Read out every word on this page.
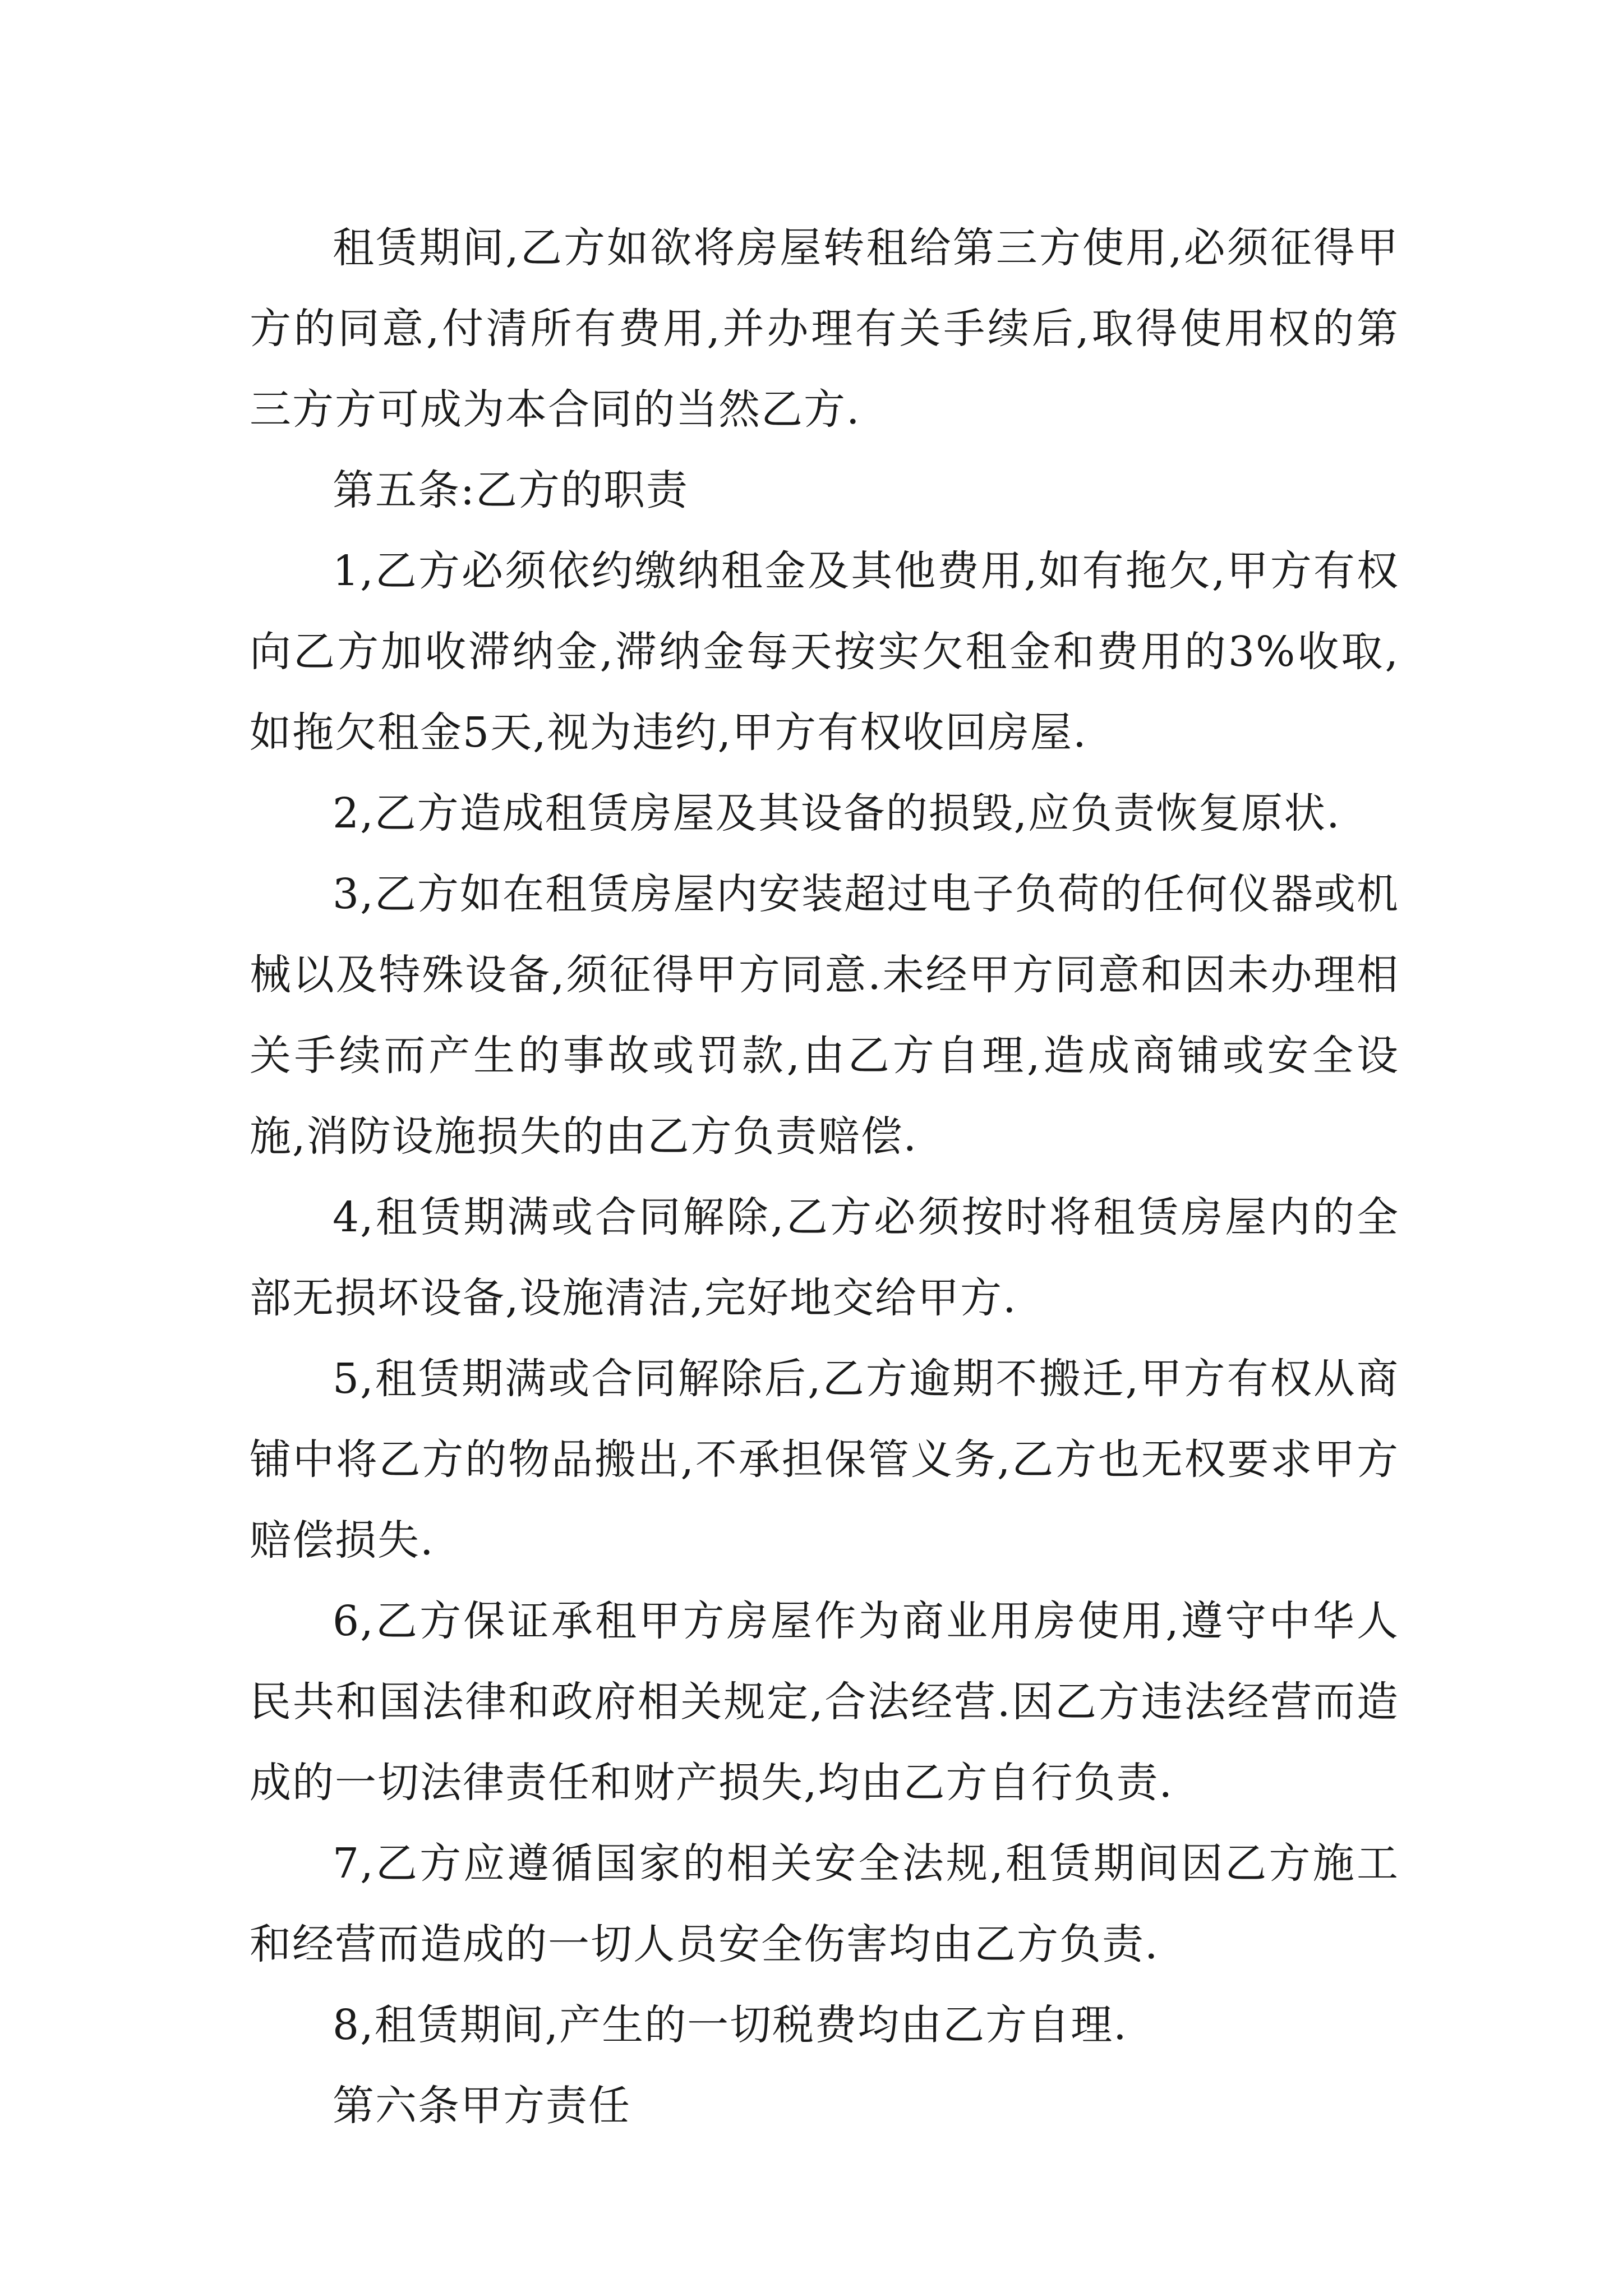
租赁期间,乙方如欲将房屋转租给第三方使用,必须征得甲方的同意,付清所有费用,并办理有关手续后,取得使用权的第三方方可成为本合同的当然乙方.

第五条:乙方的职责

1,乙方必须依约缴纳租金及其他费用,如有拖欠,甲方有权向乙方加收滞纳金,滞纳金每天按实欠租金和费用的3%收取,如拖欠租金5天,视为违约,甲方有权收回房屋.

2,乙方造成租赁房屋及其设备的损毁,应负责恢复原状.

3,乙方如在租赁房屋内安装超过电子负荷的任何仪器或机械以及特殊设备,须征得甲方同意.未经甲方同意和因未办理相关手续而产生的事故或罚款,由乙方自理,造成商铺或安全设施,消防设施损失的由乙方负责赔偿.

4,租赁期满或合同解除,乙方必须按时将租赁房屋内的全部无损坏设备,设施清洁,完好地交给甲方.

5,租赁期满或合同解除后,乙方逾期不搬迁,甲方有权从商铺中将乙方的物品搬出,不承担保管义务,乙方也无权要求甲方赔偿损失.

6,乙方保证承租甲方房屋作为商业用房使用,遵守中华人民共和国法律和政府相关规定,合法经营.因乙方违法经营而造成的一切法律责任和财产损失,均由乙方自行负责.

7,乙方应遵循国家的相关安全法规,租赁期间因乙方施工和经营而造成的一切人员安全伤害均由乙方负责.

8,租赁期间,产生的一切税费均由乙方自理.

第六条甲方责任
